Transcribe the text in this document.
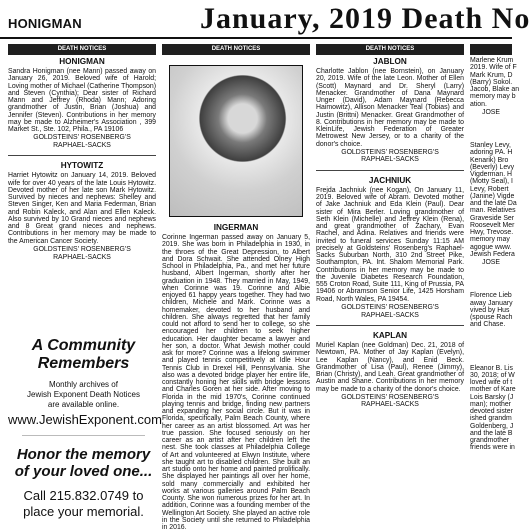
HONIGMAN	January, 2019 Death No
DEATH NOTICES	DEATH NOTICES	DEATH NOTICES
HONIGMAN

Sandra Honigman (nee Mann) passed away on January 26, 2019. Beloved wife of Harold; Loving mother of Michael (Catherine Thompson) and Steven (Cynthia); Dear sister of Richard Mann and Jeffrey (Rhoda) Mann; Adoring grandmother of Justin, Brian (Joshua) and Jennifer (Steven). Contributions in her memory may be made to Alzheimer's Association , 399 Market St., Ste. 102, Phila., PA 19106

GOLDSTEINS' ROSENBERG'S
RAPHAEL-SACKS
HYTOWITZ

Harriet Hytowitz on January 14, 2019. Beloved wife for over 40 years of the late Louis Hytowitz. Devoted mother of her late son Mark Hytowitz. Survived by nieces and nephews: Shelley and Steven Singer, Ken and Maria Federman, Brian and Robin Kaleck, and Alan and Ellen Kaleck. Also survived by 10 Grand nieces and nephews and 8 Great grand nieces and nephews. Contributions in her memory may be made to the American Cancer Society.

GOLDSTEINS' ROSENBERG'S
RAPHAEL-SACKS
A Community
Remembers
Monthly archives of
Jewish Exponent Death Notices
are available online.
www.JewishExponent.com
Honor the memory
of your loved one...
Call 215.832.0749 to
place your memorial.
INGERMAN

Corinne Ingerman passed away on January 5, 2019. She was born in Philadelphia in 1930, in the throes of the Great Depression, to Albert and Dora Schwait. She attended Olney High School in Philadelphia, Pa., and met her future husband, Albert Ingerman, shortly after her graduation in 1948. They married in May, 1949, when Corinne was 19. Corinne and Albie enjoyed 61 happy years together. They had two children, Michele and Mark. Corinne was a homemaker, devoted to her husband and children. She always regretted that her family could not afford to send her to college, so she encouraged her children to seek higher education. Her daughter became a lawyer and her son, a doctor. What Jewish mother could ask for more? Corinne was a lifelong swimmer and played tennis competitively at Idle Hour Tennis Club in Drexel Hill, Pennsylvania. She also was a devoted bridge player her entire life, constantly honing her skills with bridge lessons and Charles Goren at her side. After moving to Florida in the mid 1970's, Corinne continued playing tennis and bridge, finding new partners and expanding her social circle. But it was in Florida, specifically, Palm Beach County, where her career as an artist blossomed. Art was her true passion. She focused seriously on her career as an artist after her children left the nest. She took classes at Philadelphia College of Art and volunteered at Elwyn Institute, where she taught art to disabled children. She built an art studio onto her home and painted prolifically. She displayed her paintings all over her home, sold many commercially and exhibited her works at various galleries around Palm Beach County. She won numerous prizes for her art. In addition, Corinne was a founding member of the Wellington Art Society. She played an active role in the Society until she returned to Philadelphia in 2016.

JABLON

Charlotte Jablon (nee Bornstein), on January 20, 2019. Wife of the late Leon. Mother of Ellen (Scott) Maynard and Dr. Sheryl (Larry) Menacker. Grandmother of Dana Maynard Unger (David), Adam Maynard (Rebecca Haimowitz), Allison Menacker Teal (Tobias) and Justin (Brittni) Menacker. Great Grandmother of 8. Contributions in her memory may be made to KleinLife, Jewish Federation of Greater Metrowest New Jersey, or to a charity of the donor's choice.

GOLDSTEINS' ROSENBERG'S
RAPHAEL-SACKS
JACHNIUK

Frejda Jachniuk (nee Kogan), On January 11, 2019. Beloved wife of Abram. Devoted mother of Jake Jachniuk and Eda Klein (Paul). Dear sister of Mira Berler. Loving grandmother of Seth Klein (Michelle) and Jeffrey Klein (Rena), and great grandmother of Zachary, Evan Rachel, and Adina. Relatives and friends were invited to funeral services Sunday 11:15 AM precisely at Goldsteins' Rosenberg's Raphael-Sacks Suburban North, 310 2nd Street Pike, Southampton, PA. Int. Shalom Memorial Park. Contributions in her memory may be made to the Juvenile Diabetes Research Foundation, 555 Croton Road, Suite 111, King of Prussia, PA 19406 or Abramson Senior Life, 1425 Horsham Road, North Wales, PA 19454.

GOLDSTEINS' ROSENBERG'S
RAPHAEL-SACKS
KAPLAN

Muriel Kaplan (nee Goldman) Dec. 21, 2018 of Newtown, PA. Mother of Jay Kaplan (Evelyn), Lee Kaplan (Nancy), and Enid Beck. Grandmother of Lisa (Paul), Renee (Jimmy), Brian (Christy), and Leah. Great grandmother of Austin and Shane. Contributions in her memory may be made to a charity of the donor's choice.

GOLDSTEINS' ROSENBERG'S
RAPHAEL-SACKS
Marlene Krum
2019. Wife of F
Mark Krum, D
(Barry) Sokol.
Jacob, Blake an
memory may b
ation.
JOSE
Stanley Levy,
adoring PA. H
Kenarik) Bro
(Beverly) Levy
Vigderman. H
(Motty Seal), I
Levy, Robert
(Janine) Vigde
and the late Da
man. Relatives
Graveside Ser
Roosevelt Mer
Hwy, Trevose.
memory may
agogue www.
Jewish Federa
JOSE
Florence Lieb
away January
vived by Hus
(spouse Rach
and Chase.
Eleanor B. Lis
30, 2018; of W
loved wife of t
mother of Kare
Lois Barsky (J
man); mother
devoted sister
ished grandm
Goldenberg, J
and the late B
grandmother
friends were in
